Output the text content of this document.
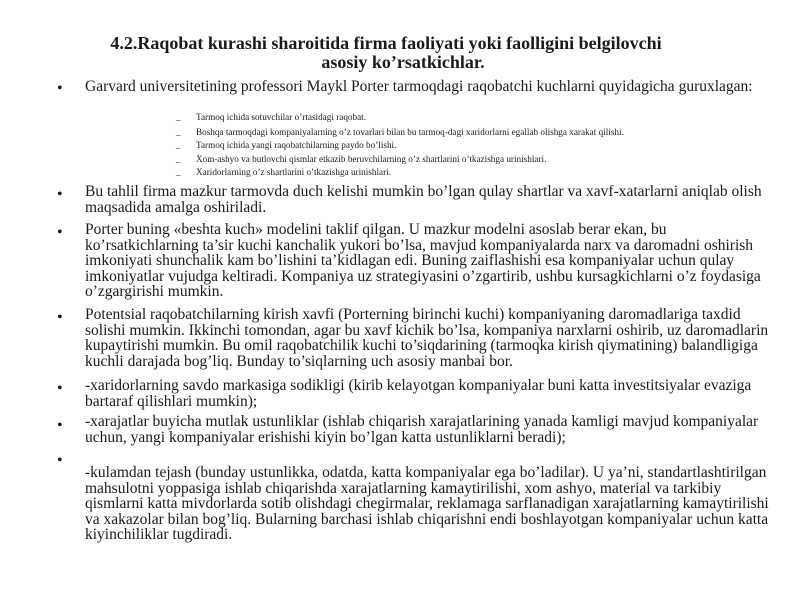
4.2.Raqobat kurashi sharoitida firma faoliyati yoki faolligini belgilovchi
asosiy ko’rsatkichlar.
• Garvard universitetining professori Maykl Porter tarmoqdagi raqobatchi kuchlarni quyidagicha guruxlagan:
_ Tarmoq ichida sotuvchilar o’rtasidagi raqobat.
_ Boshqa tarmoqdagi kompaniyalarning o’z tovarlari bilan bu tarmoq-dagi xaridorlarni egallab olishga xarakat qilishi.
_ Tarmoq ichida yangi raqobatchilarning paydo bo’lishi.
_ Xom-ashyo va butlovchi qismlar etkazib beruvchilarning o’z shartlarini o’tkazishga urinishlari.
_ Xaridorlarning o’z shartlarini o’tkazishga urinishlari.
• Bu tahlil firma mazkur tarmovda duch kelishi mumkin bo’lgan qulay shartlar va xavf-xatarlarni aniqlab olish maqsadida amalga oshiriladi.
• Porter buning «beshta kuch» modelini taklif qilgan. U mazkur modelni asoslab berar ekan, bu ko’rsatkichlarning ta’sir kuchi kanchalik yukori bo’lsa, mavjud kompaniyalarda narx va daromadni oshirish imkoniyati shunchalik kam bo’lishini ta’kidlagan edi. Buning zaiflashishi esa kompaniyalar uchun qulay imkoniyatlar vujudga keltiradi. Kompaniya uz strategiyasini o’zgartirib, ushbu kursagkichlarni o’z foydasiga o’zgargirishi mumkin.
• Potentsial raqobatchilarning kirish xavfi (Porterning birinchi kuchi) kompaniyaning daromadlariga taxdid solishi mumkin. Ikkinchi tomondan, agar bu xavf kichik bo’lsa, kompaniya narxlarni oshirib, uz daromadlarin kupaytirishi mumkin. Bu omil raqobatchilik kuchi to’siqdarining (tarmoqka kirish qiymatining) balandligiga kuchli darajada bog’liq. Bunday to’siqlarning uch asosiy manbai bor.
• -xaridorlarning savdo markasiga sodikligi (kirib kelayotgan kompaniyalar buni katta investitsiyalar evaziga bartaraf qilishlari mumkin);
• -xarajatlar buyicha mutlak ustunliklar (ishlab chiqarish xarajatlarining yanada kamligi mavjud kompaniyalar uchun, yangi kompaniyalar erishishi kiyin bo’lgan katta ustunliklarni beradi);
•
-kulamdan tejash (bunday ustunlikka, odatda, katta kompaniyalar ega bo’ladilar). U ya’ni, standartlashtirilgan mahsulotni yoppasiga ishlab chiqarishda xarajatlarning kamaytirilishi, xom ashyo, material va tarkibiy qismlarni katta mivdorlarda sotib olishdagi chegirmalar, reklamaga sarflanadigan xarajatlarning kamaytirilishi va xakazolar bilan bog’liq. Bularning barchasi ishlab chiqarishni endi boshlayotgan kompaniyalar uchun katta kiyinchiliklar tugdiradi.
